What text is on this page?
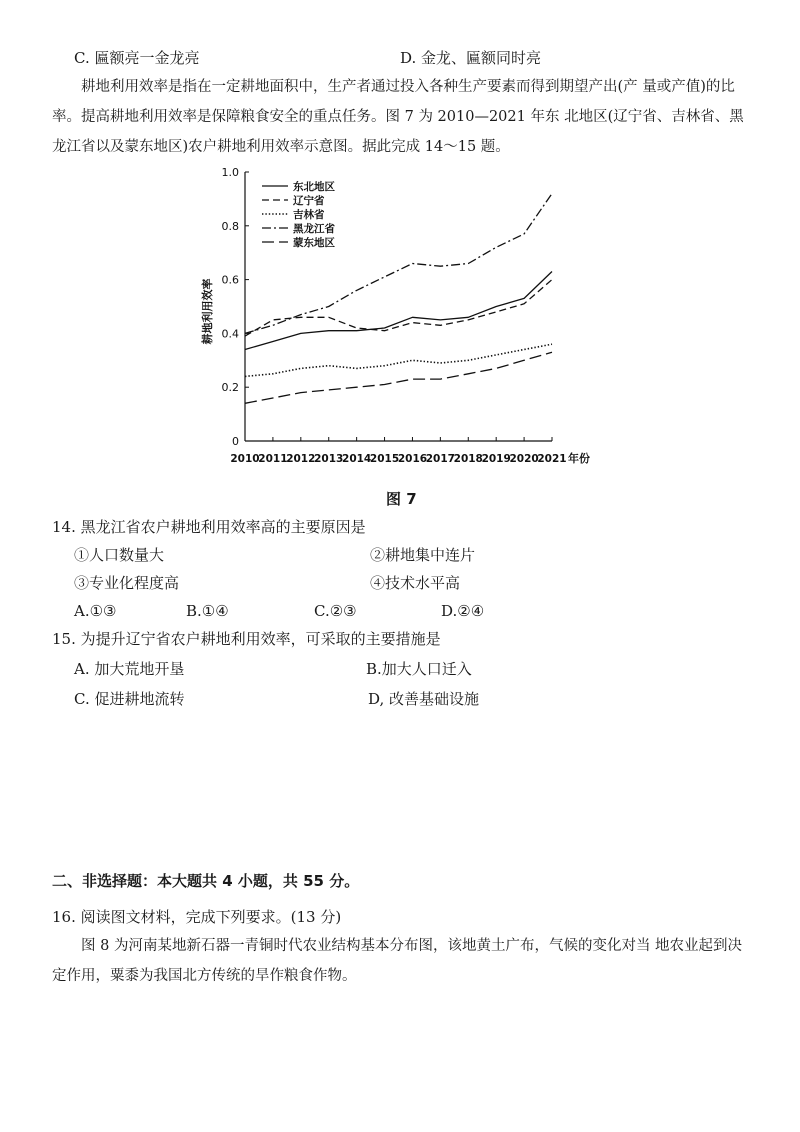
C. 匾额亮一金龙亮	D. 金龙、匾额同时亮
耕地利用效率是指在一定耕地面积中，生产者通过投入各种生产要素而得到期望产出(产 量或产值)的比率。提高耕地利用效率是保障粮食安全的重点任务。图 7 为 2010—2021 年东 北地区(辽宁省、吉林省、黑龙江省以及蒙东地区)农户耕地利用效率示意图。据此完成 14～15 题。
0
0.2
0.4
0.6
0.8
1.0
2010
2011
2012
2013
2014
2015
2016
2017
2018
2019
2020
2021 年份
耕地利用效率
东北地区
辽宁省
吉林省
黑龙江省
蒙东地区
图 7
14. 黑龙江省农户耕地利用效率高的主要原因是
①人口数量大	②耕地集中连片
③专业化程度高	④技术水平高
A.①③	B.①④	C.②③	D.②④
15. 为提升辽宁省农户耕地利用效率，可采取的主要措施是
A. 加大荒地开垦	B.加大人口迁入
C. 促进耕地流转	D, 改善基础设施
二、非选择题：本大题共 4 小题，共 55 分。
16. 阅读图文材料，完成下列要求。(13 分)
图 8 为河南某地新石器一青铜时代农业结构基本分布图，该地黄土广布，气候的变化对当 地农业起到决定作用，粟黍为我国北方传统的旱作粮食作物。
